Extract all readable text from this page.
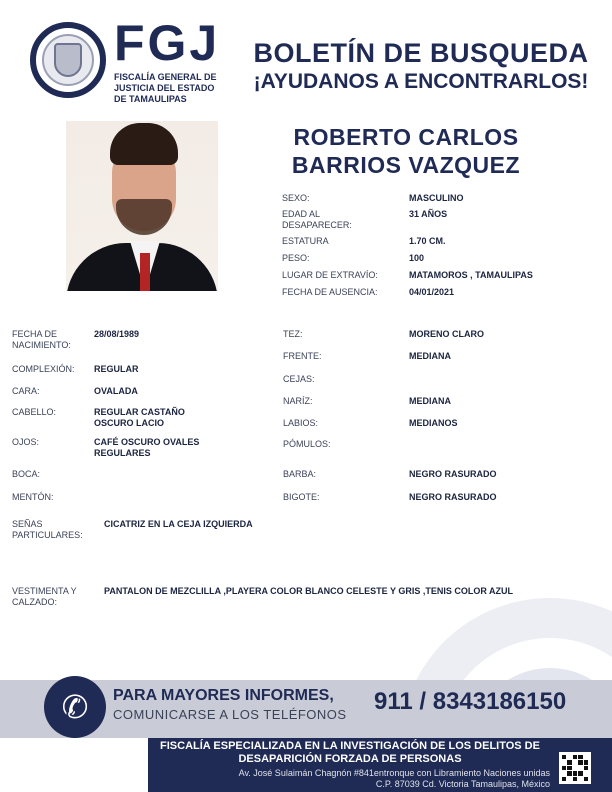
FGJ
FISCALÍA GENERAL DE
JUSTICIA DEL ESTADO
DE TAMAULIPAS
BOLETÍN DE BUSQUEDA
¡AYUDANOS A ENCONTRARLOS!
ROBERTO CARLOS
BARRIOS VAZQUEZ
SEXO:	MASCULINO
EDAD AL
DESAPARECER:
31 AÑOS
ESTATURA	1.70 CM.
PESO:	100
LUGAR DE EXTRAVÍO:	MATAMOROS , TAMAULIPAS
FECHA DE AUSENCIA:	04/01/2021
FECHA DE
NACIMIENTO:
28/08/1989
COMPLEXIÓN: REGULAR
CARA:	OVALADA
CABELLO:	REGULAR CASTAÑO
OSCURO LACIO
OJOS:	CAFÉ OSCURO OVALES
REGULARES
BOCA:
MENTÓN:
TEZ:	MORENO CLARO
FRENTE:	MEDIANA
CEJAS:
NARÍZ:	MEDIANA
LABIOS:	MEDIANOS
PÓMULOS:
BARBA:	NEGRO RASURADO
BIGOTE:	NEGRO RASURADO
SEÑAS
PARTICULARES:
CICATRIZ EN LA CEJA IZQUIERDA
VESTIMENTA Y
CALZADO:
PANTALON DE MEZCLILLA ,PLAYERA COLOR BLANCO CELESTE Y GRIS ,TENIS COLOR AZUL
✆	PARA MAYORES INFORMES,
COMUNICARSE A LOS TELÉFONOS 911 / 8343186150
FISCALÍA ESPECIALIZADA EN LA INVESTIGACIÓN DE LOS DELITOS DE
DESAPARICIÓN FORZADA DE PERSONAS
Av. José Sulaimán Chagnón #841entronque con Libramiento Naciones unidas
C.P. 87039 Cd. Victoria Tamaulipas, México
